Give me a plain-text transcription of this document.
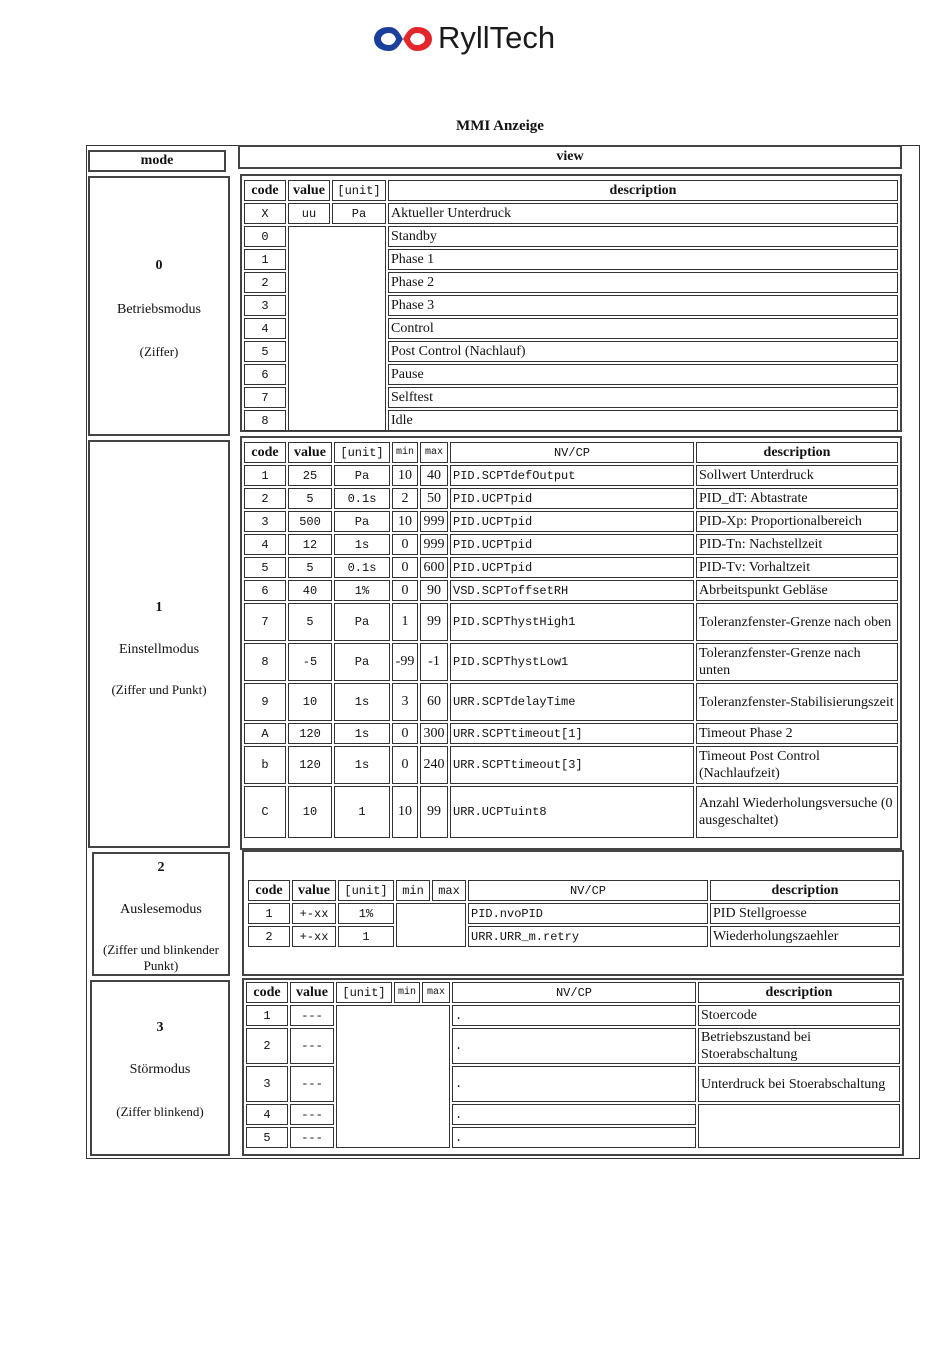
RyllTech
MMI Anzeige
mode	view
0
Betriebsmodus
(Ziffer)
code	value	[unit]	description
X	uu	Pa	Aktueller Unterdruck
0			Standby
1			Phase 1
2			Phase 2
3			Phase 3
4			Control
5			Post Control (Nachlauf)
6			Pause
7			Selftest
8			Idle
1
Einstellmodus
(Ziffer und Punkt)
code	value	[unit]	min	max	NV/CP	description
1	25	Pa	10	40	PID.SCPTdefOutput	Sollwert Unterdruck
2	5	0.1s	2	50	PID.UCPTpid	PID_dT: Abtastrate
3	500	Pa	10	999	PID.UCPTpid	PID-Xp: Proportionalbereich
4	12	1s	0	999	PID.UCPTpid	PID-Tn: Nachstellzeit
5	5	0.1s	0	600	PID.UCPTpid	PID-Tv: Vorhaltzeit
6	40	1%	0	90	VSD.SCPToffsetRH	Abrbeitspunkt Gebläse
7	5	Pa	1	99	PID.SCPThystHigh1	Toleranzfenster-Grenze nach oben
8	-5	Pa	-99	-1	PID.SCPThystLow1	Toleranzfenster-Grenze nach unten
9	10	1s	3	60	URR.SCPTdelayTime	Toleranzfenster-Stabilisierungszeit
A	120	1s	0	300	URR.SCPTtimeout[1]	Timeout Phase 2
b	120	1s	0	240	URR.SCPTtimeout[3]	Timeout Post Control (Nachlaufzeit)
C	10	1	10	99	URR.UCPTuint8	Anzahl Wiederholungsversuche (0 ausgeschaltet)
2
Auslesemodus
(Ziffer und blinkender Punkt)
code	value	[unit]	min	max	NV/CP	description
1	+-xx	1%			PID.nvoPID	PID Stellgroesse
2	+-xx	1			URR.URR_m.retry	Wiederholungszaehler
3
Störmodus
(Ziffer blinkend)
code	value	[unit]	min	max	NV/CP	description
1	---				.	Stoercode
2	---				.	Betriebszustand bei Stoerabschaltung
3	---				.	Unterdruck bei Stoerabschaltung
4	---				.	
5	---				.	
